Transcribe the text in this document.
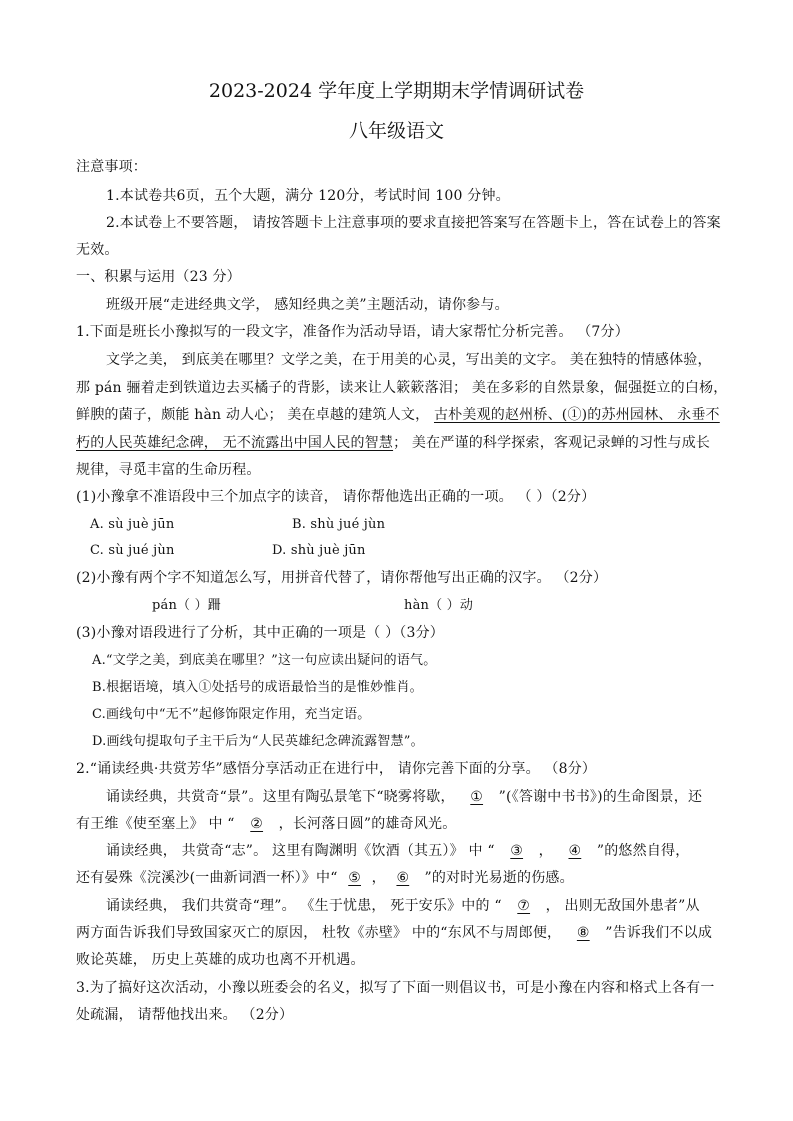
2023-2024 学年度上学期期末学情调研试卷
八年级语文
注意事项：
1.本试卷共6页，五个大题，满分 120分，考试时间 100 分钟。
2.本试卷上不要答题， 请按答题卡上注意事项的要求直接把答案写在答题卡上，答在试卷上的答案
无效。
一、积累与运用（23 分）
班级开展“走进经典文学， 感知经典之美”主题活动，请你参与。
1.下面是班长小豫拟写的一段文字，准备作为活动导语，请大家帮忙分析完善。 （7分）
文学之美， 到底美在哪里？文学之美，在于用美的心灵，写出美的文字。 美在独特的情感体验，
那 pán 骊着走到铁道边去买橘子的背影，读来让人簌簌落泪； 美在多彩的自然景象，倔强挺立的白杨，
鲜腴的菌子，颇能 hàn 动人心； 美在卓越的建筑人文， 古朴美观的赵州桥、(①)的苏州园林、 永垂不
朽的人民英雄纪念碑， 无不流露出中国人民的智慧； 美在严谨的科学探索，客观记录蝉的习性与成长
规律，寻觅丰富的生命历程。
(1)小豫拿不准语段中三个加点字的读音， 请你帮他选出正确的一项。 （ ）（2分）
A. sù juè jūn	B. shù jué jùn
C. sù jué jùn	D. shù juè jūn
(2)小豫有两个字不知道怎么写，用拼音代替了，请你帮他写出正确的汉字。 （2分）
pán（ ）跚	hàn（ ）动
(3)小豫对语段进行了分析，其中正确的一项是（ ）（3分）
A.“文学之美，到底美在哪里？”这一句应读出疑问的语气。
B.根据语境，填入①处括号的成语最恰当的是惟妙惟肖。
C.画线句中“无不”起修饰限定作用，充当定语。
D.画线句提取句子主干后为“人民英雄纪念碑流露智慧”。
2.“诵读经典·共赏芳华”感悟分享活动正在进行中， 请你完善下面的分享。 （8分）
诵读经典，共赏奇“景”。这里有陶弘景笔下“晓雾将歇， ① ”(《答谢中书书》)的生命图景，还
有王维《使至塞上》 中 “ ② ，长河落日圆”的雄奇风光。
诵读经典， 共赏奇“志”。 这里有陶渊明《饮酒（其五）》 中 “ ③ ， ④ ”的悠然自得，
还有晏殊《浣溪沙(一曲新词酒一杯）》中“ ⑤ ， ⑥ ”的对时光易逝的伤感。
诵读经典， 我们共赏奇“理”。 《生于忧患， 死于安乐》中的 “ ⑦ ， 出则无敌国外患者”从
两方面告诉我们导致国家灭亡的原因， 杜牧《赤壁》 中的“东风不与周郎便， ⑧ ”告诉我们不以成
败论英雄， 历史上英雄的成功也离不开机遇。
3.为了搞好这次活动，小豫以班委会的名义，拟写了下面一则倡议书，可是小豫在内容和格式上各有一
处疏漏， 请帮他找出来。 （2分）
